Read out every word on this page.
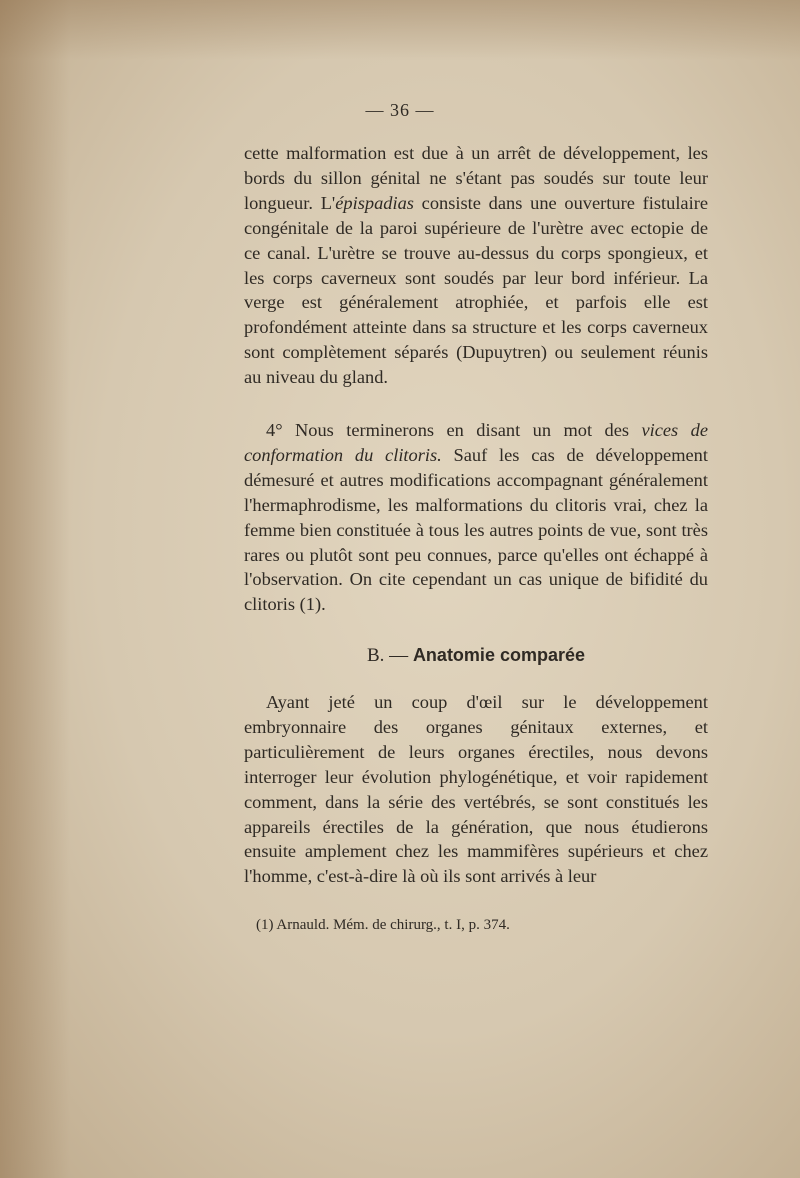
— 36 —

cette malformation est due à un arrêt de développement, les bords du sillon génital ne s'étant pas soudés sur toute leur longueur. L'épispadias consiste dans une ouverture fistulaire congénitale de la paroi supérieure de l'urètre avec ectopie de ce canal. L'urètre se trouve au-dessus du corps spongieux, et les corps caverneux sont soudés par leur bord inférieur. La verge est généralement atrophiée, et parfois elle est profondément atteinte dans sa structure et les corps caverneux sont complètement séparés (Dupuytren) ou seulement réunis au niveau du gland.

4° Nous terminerons en disant un mot des vices de conformation du clitoris. Sauf les cas de développement démesuré et autres modifications accompagnant généralement l'hermaphrodisme, les malformations du clitoris vrai, chez la femme bien constituée à tous les autres points de vue, sont très rares ou plutôt sont peu connues, parce qu'elles ont échappé à l'observation. On cite cependant un cas unique de bifidité du clitoris (1).

B. — Anatomie comparée

Ayant jeté un coup d'œil sur le développement embryonnaire des organes génitaux externes, et particulièrement de leurs organes érectiles, nous devons interroger leur évolution phylogénétique, et voir rapidement comment, dans la série des vertébrés, se sont constitués les appareils érectiles de la génération, que nous étudierons ensuite amplement chez les mammifères supérieurs et chez l'homme, c'est-à-dire là où ils sont arrivés à leur

(1) Arnauld. Mém. de chirurg., t. I, p. 374.
